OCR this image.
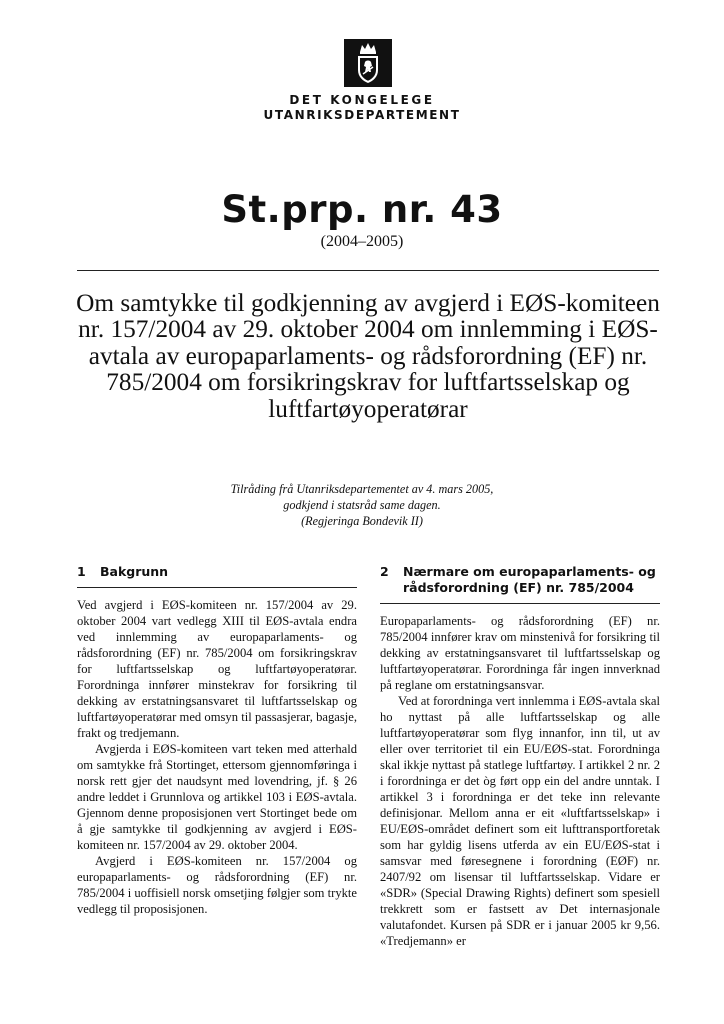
DET KONGELEGE
UTANRIKSDEPARTEMENT
St.prp. nr. 43
(2004–2005)
Om samtykke til godkjenning av avgjerd i EØS-komiteen nr. 157/2004 av 29. oktober 2004 om innlemming i EØS-avtala av europaparlaments- og rådsforordning (EF) nr. 785/2004 om forsikringskrav for luftfartsselskap og luftfartøyoperatørar
Tilråding frå Utanriksdepartementet av 4. mars 2005,
godkjend i statsråd same dagen.
(Regjeringa Bondevik II)
1	Bakgrunn

Ved avgjerd i EØS-komiteen nr. 157/2004 av 29. oktober 2004 vart vedlegg XIII til EØS-avtala endra ved innlemming av europaparlaments- og rådsforordning (EF) nr. 785/2004 om forsikringskrav for luftfartsselskap og luftfartøyoperatørar. Forordninga innfører minstekrav for forsikring til dekking av erstatningsansvaret til luftfartsselskap og luftfartøyoperatørar med omsyn til passasjerar, bagasje, frakt og tredjemann.

Avgjerda i EØS-komiteen vart teken med atterhald om samtykke frå Stortinget, ettersom gjennomføringa i norsk rett gjer det naudsynt med lovendring, jf. § 26 andre leddet i Grunnlova og artikkel 103 i EØS-avtala. Gjennom denne proposisjonen vert Stortinget bede om å gje samtykke til godkjenning av avgjerd i EØS-komiteen nr. 157/2004 av 29. oktober 2004.

Avgjerd i EØS-komiteen nr. 157/2004 og europaparlaments- og rådsforordning (EF) nr. 785/2004 i uoffisiell norsk omsetjing følgjer som trykte vedlegg til proposisjonen.

2	Nærmare om europaparlaments- og rådsforordning (EF) nr. 785/2004

Europaparlaments- og rådsforordning (EF) nr. 785/2004 innfører krav om minstenivå for forsikring til dekking av erstatningsansvaret til luftfartsselskap og luftfartøyoperatørar. Forordninga får ingen innverknad på reglane om erstatningsansvar.

Ved at forordninga vert innlemma i EØS-avtala skal ho nyttast på alle luftfartsselskap og alle luftfartøyoperatørar som flyg innanfor, inn til, ut av eller over territoriet til ein EU/EØS-stat. Forordninga skal ikkje nyttast på statlege luftfartøy. I artikkel 2 nr. 2 i forordninga er det òg ført opp ein del andre unntak. I artikkel 3 i forordninga er det teke inn relevante definisjonar. Mellom anna er eit «luftfartsselskap» i EU/EØS-området definert som eit lufttransportforetak som har gyldig lisens utferda av ein EU/EØS-stat i samsvar med føresegnene i forordning (EØF) nr. 2407/92 om lisensar til luftfartsselskap. Vidare er «SDR» (Special Drawing Rights) definert som spesiell trekkrett som er fastsett av Det internasjonale valutafondet. Kursen på SDR er i januar 2005 kr 9,56. «Tredjemann» er
